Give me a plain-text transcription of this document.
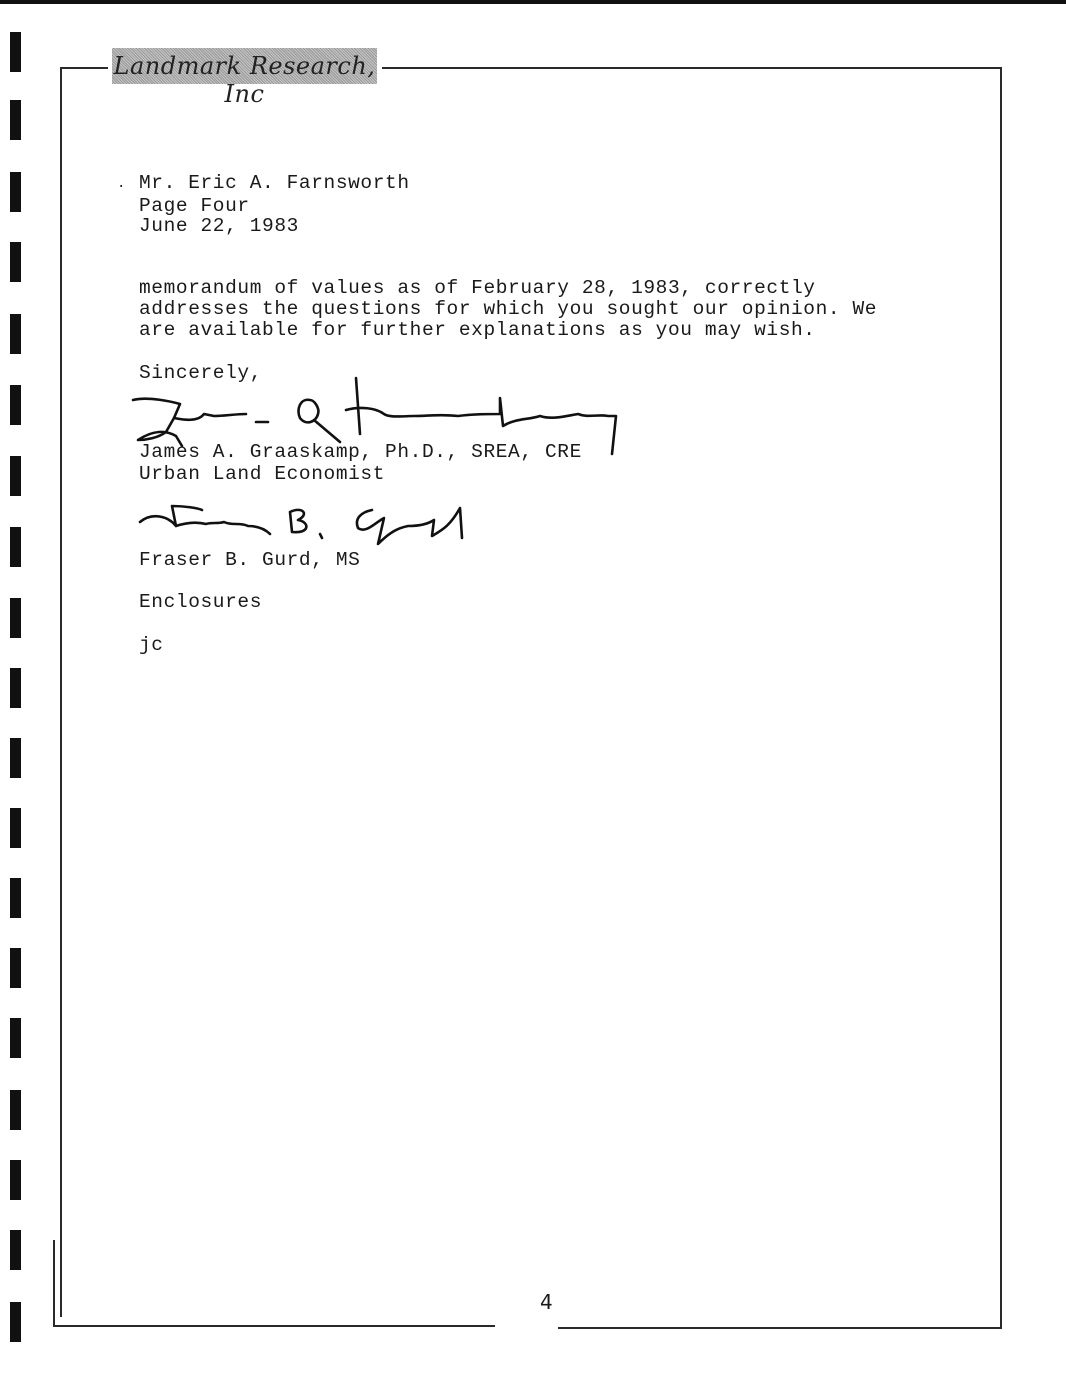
Landmark Research, Inc
· Mr. Eric A. Farnsworth
Page Four
June 22, 1983
memorandum of values as of February 28, 1983, correctly
addresses the questions for which you sought our opinion. We
are available for further explanations as you may wish.
Sincerely,
James A. Graaskamp, Ph.D., SREA, CRE
Urban Land Economist
Fraser B. Gurd, MS
Enclosures
jc
4
